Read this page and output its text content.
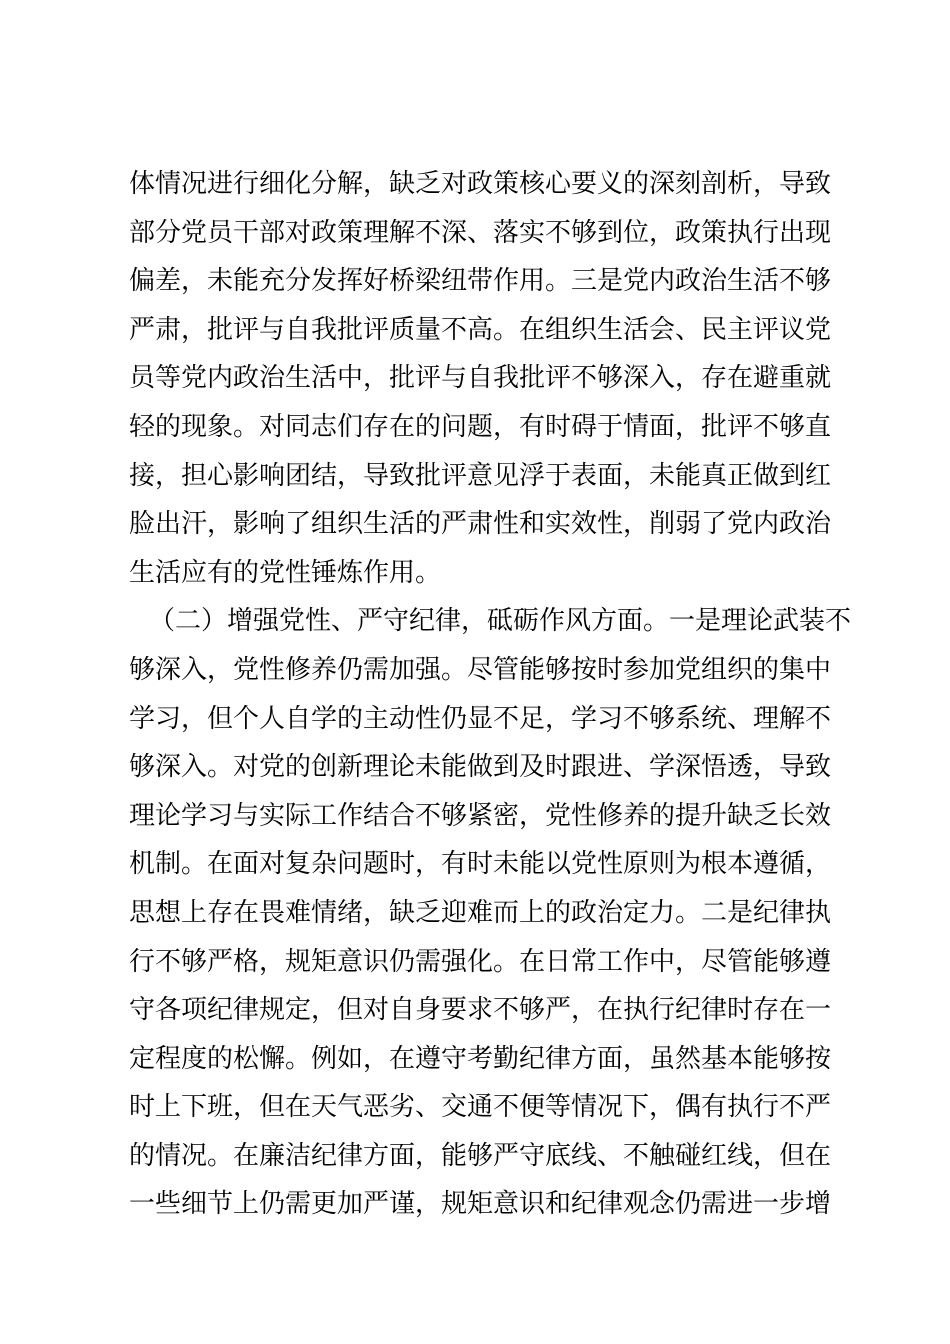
体情况进行细化分解，缺乏对政策核心要义的深刻剖析，导致
部分党员干部对政策理解不深、落实不够到位，政策执行出现
偏差，未能充分发挥好桥梁纽带作用。三是党内政治生活不够
严肃，批评与自我批评质量不高。在组织生活会、民主评议党
员等党内政治生活中，批评与自我批评不够深入，存在避重就
轻的现象。对同志们存在的问题，有时碍于情面，批评不够直
接，担心影响团结，导致批评意见浮于表面，未能真正做到红
脸出汗，影响了组织生活的严肃性和实效性，削弱了党内政治
生活应有的党性锤炼作用。
（二）增强党性、严守纪律，砥砺作风方面。一是理论武装不
够深入，党性修养仍需加强。尽管能够按时参加党组织的集中
学习，但个人自学的主动性仍显不足，学习不够系统、理解不
够深入。对党的创新理论未能做到及时跟进、学深悟透，导致
理论学习与实际工作结合不够紧密，党性修养的提升缺乏长效
机制。在面对复杂问题时，有时未能以党性原则为根本遵循，
思想上存在畏难情绪，缺乏迎难而上的政治定力。二是纪律执
行不够严格，规矩意识仍需强化。在日常工作中，尽管能够遵
守各项纪律规定，但对自身要求不够严，在执行纪律时存在一
定程度的松懈。例如，在遵守考勤纪律方面，虽然基本能够按
时上下班，但在天气恶劣、交通不便等情况下，偶有执行不严
的情况。在廉洁纪律方面，能够严守底线、不触碰红线，但在
一些细节上仍需更加严谨，规矩意识和纪律观念仍需进一步增
